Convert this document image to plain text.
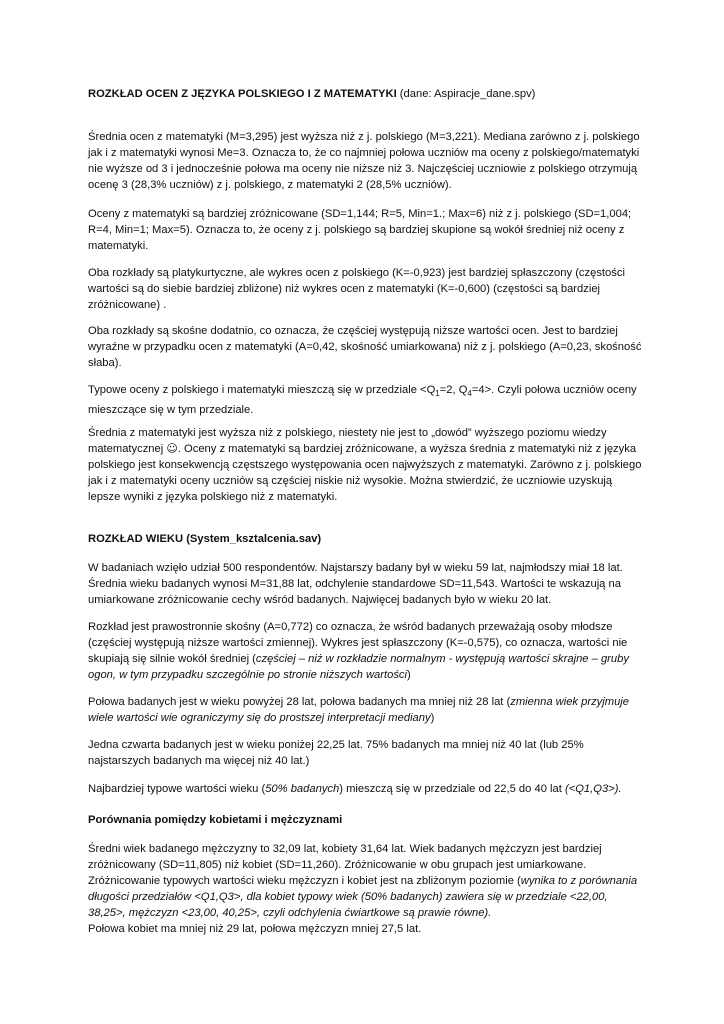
ROZKŁAD OCEN Z JĘZYKA POLSKIEGO I Z MATEMATYKI (dane: Aspiracje_dane.spv)

Średnia ocen z matematyki (M=3,295) jest wyższa niż z j. polskiego (M=3,221). Mediana zarówno z j. polskiego jak i z matematyki wynosi Me=3. Oznacza to, że co najmniej połowa uczniów ma oceny z polskiego/matematyki nie wyższe od 3 i jednocześnie połowa ma oceny nie niższe niż 3. Najczęściej uczniowie z polskiego otrzymują ocenę 3 (28,3% uczniów) z j. polskiego, z matematyki 2 (28,5% uczniów).

Oceny z matematyki są bardziej zróżnicowane (SD=1,144; R=5, Min=1.; Max=6) niż z j. polskiego (SD=1,004; R=4, Min=1; Max=5). Oznacza to, że oceny z j. polskiego są bardziej skupione są wokół średniej niż oceny z matematyki.

Oba rozkłady są platykurtyczne, ale wykres ocen z polskiego (K=-0,923) jest bardziej spłaszczony (częstości wartości są do siebie bardziej zbliżone) niż wykres ocen z matematyki (K=-0,600) (częstości są bardziej zróżnicowane) .

Oba rozkłady są skośne dodatnio, co oznacza, że częściej występują niższe wartości ocen. Jest to bardziej wyraźne w przypadku ocen z matematyki (A=0,42, skośność umiarkowana) niż z j. polskiego (A=0,23, skośność słaba).

Typowe oceny z polskiego i matematyki mieszczą się w przedziale $<Q_1=2$, $Q_4=4>$. Czyli połowa uczniów oceny mieszczące się w tym przedziale.

Średnia z matematyki jest wyższa niż z polskiego, niestety nie jest to „dowód” wyższego poziomu wiedzy matematycznej ☺. Oceny z matematyki są bardziej zróżnicowane, a wyższa średnia z matematyki niż z języka polskiego jest konsekwencją częstszego występowania ocen najwyższych z matematyki. Zarówno z j. polskiego jak i z matematyki oceny uczniów są częściej niskie niż wysokie. Można stwierdzić, że uczniowie uzyskują lepsze wyniki z języka polskiego niż z matematyki.

ROZKŁAD WIEKU (System_ksztalcenia.sav)

W badaniach wzięło udział 500 respondentów. Najstarszy badany był w wieku 59 lat, najmłodszy miał 18 lat. Średnia wieku badanych wynosi M=31,88 lat, odchylenie standardowe SD=11,543. Wartości te wskazują na umiarkowane zróżnicowanie cechy wśród badanych. Najwięcej badanych było w wieku 20 lat.

Rozkład jest prawostronnie skośny (A=0,772) co oznacza, że wśród badanych przeważają osoby młodsze (częściej występują niższe wartości zmiennej). Wykres jest spłaszczony (K=-0,575), co oznacza, wartości nie skupiają się silnie wokół średniej (częściej – niż w rozkładzie normalnym - występują wartości skrajne – gruby ogon, w tym przypadku szczególnie po stronie niższych wartości)

Połowa badanych jest w wieku powyżej 28 lat, połowa badanych ma mniej niż 28 lat (zmienna wiek przyjmuje wiele wartości wie ograniczymy się do prostszej interpretacji mediany)

Jedna czwarta badanych jest w wieku poniżej 22,25 lat. 75% badanych ma mniej niż 40 lat (lub 25% najstarszych badanych ma więcej niż 40 lat.)

Najbardziej typowe wartości wieku (50% badanych) mieszczą się w przedziale od 22,5 do 40 lat (<Q1,Q3>).

Porównania pomiędzy kobietami i mężczyznami

Średni wiek badanego mężczyzny to 32,09 lat, kobiety 31,64 lat. Wiek badanych mężczyzn jest bardziej zróżnicowany (SD=11,805) niż kobiet (SD=11,260). Zróżnicowanie w obu grupach jest umiarkowane. Zróżnicowanie typowych wartości wieku mężczyzn i kobiet jest na zbliżonym poziomie (wynika to z porównania długości przedziałów <Q1,Q3>, dla kobiet typowy wiek (50% badanych) zawiera się w przedziale <22,00, 38,25>, mężczyzn <23,00, 40,25>, czyli odchylenia ćwiartkowe są prawie równe).
Połowa kobiet ma mniej niż 29 lat, połowa mężczyzn mniej 27,5 lat.
